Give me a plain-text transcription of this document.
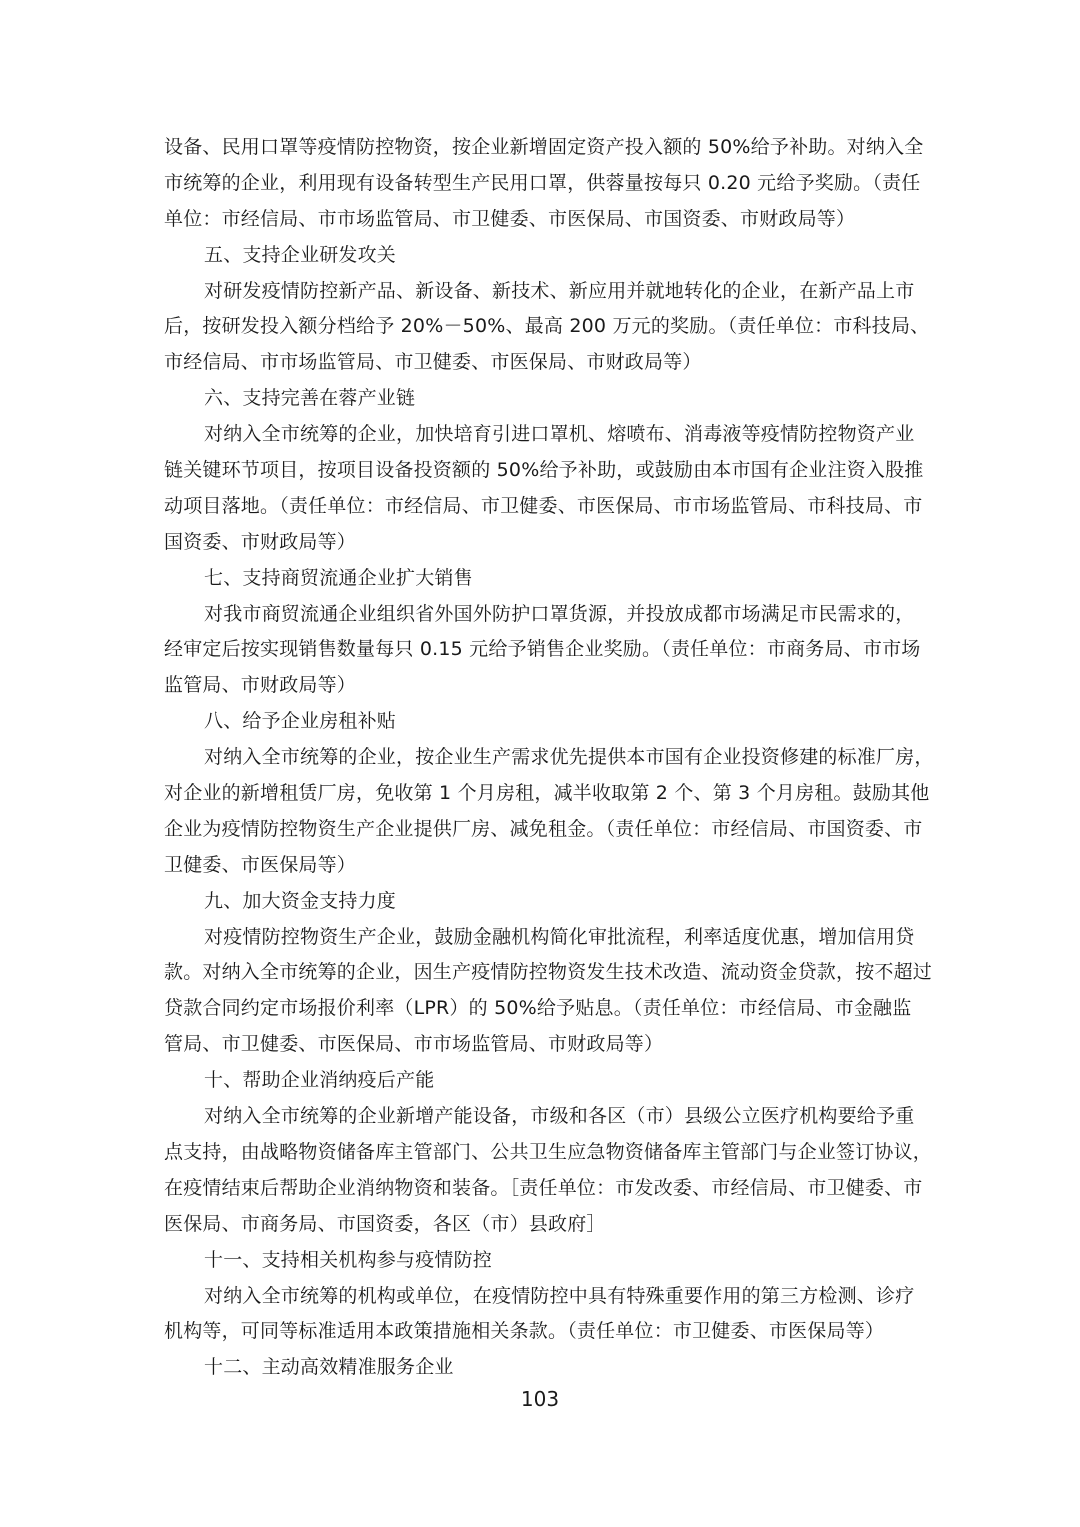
设备、民用口罩等疫情防控物资，按企业新增固定资产投入额的 50%给予补助。对纳入全
市统筹的企业，利用现有设备转型生产民用口罩，供蓉量按每只 0.20 元给予奖励。（责任
单位：市经信局、市市场监管局、市卫健委、市医保局、市国资委、市财政局等）
五、支持企业研发攻关
对研发疫情防控新产品、新设备、新技术、新应用并就地转化的企业，在新产品上市
后，按研发投入额分档给予 20%－50%、最高 200 万元的奖励。（责任单位：市科技局、
市经信局、市市场监管局、市卫健委、市医保局、市财政局等）
六、支持完善在蓉产业链
对纳入全市统筹的企业，加快培育引进口罩机、熔喷布、消毒液等疫情防控物资产业
链关键环节项目，按项目设备投资额的 50%给予补助，或鼓励由本市国有企业注资入股推
动项目落地。（责任单位：市经信局、市卫健委、市医保局、市市场监管局、市科技局、市
国资委、市财政局等）
七、支持商贸流通企业扩大销售
对我市商贸流通企业组织省外国外防护口罩货源，并投放成都市场满足市民需求的，
经审定后按实现销售数量每只 0.15 元给予销售企业奖励。（责任单位：市商务局、市市场
监管局、市财政局等）
八、给予企业房租补贴
对纳入全市统筹的企业，按企业生产需求优先提供本市国有企业投资修建的标准厂房，
对企业的新增租赁厂房，免收第 1 个月房租，减半收取第 2 个、第 3 个月房租。鼓励其他
企业为疫情防控物资生产企业提供厂房、减免租金。（责任单位：市经信局、市国资委、市
卫健委、市医保局等）
九、加大资金支持力度
对疫情防控物资生产企业，鼓励金融机构简化审批流程，利率适度优惠，增加信用贷
款。对纳入全市统筹的企业，因生产疫情防控物资发生技术改造、流动资金贷款，按不超过
贷款合同约定市场报价利率（LPR）的 50%给予贴息。（责任单位：市经信局、市金融监
管局、市卫健委、市医保局、市市场监管局、市财政局等）
十、帮助企业消纳疫后产能
对纳入全市统筹的企业新增产能设备，市级和各区（市）县级公立医疗机构要给予重
点支持，由战略物资储备库主管部门、公共卫生应急物资储备库主管部门与企业签订协议，
在疫情结束后帮助企业消纳物资和装备。［责任单位：市发改委、市经信局、市卫健委、市
医保局、市商务局、市国资委，各区（市）县政府］
十一、支持相关机构参与疫情防控
对纳入全市统筹的机构或单位，在疫情防控中具有特殊重要作用的第三方检测、诊疗
机构等，可同等标准适用本政策措施相关条款。（责任单位：市卫健委、市医保局等）
十二、主动高效精准服务企业
103
